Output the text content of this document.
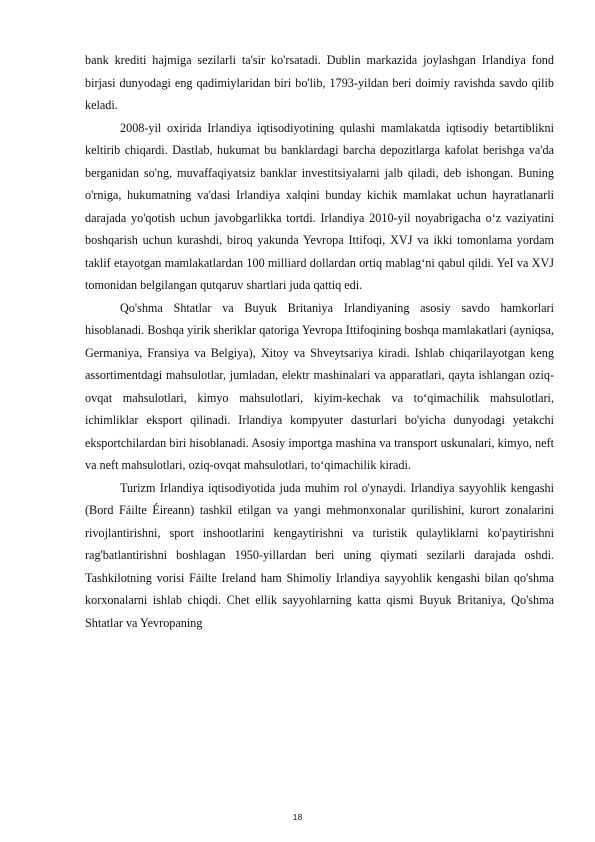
bank krediti hajmiga sezilarli ta'sir ko'rsatadi. Dublin markazida joylashgan Irlandiya fond birjasi dunyodagi eng qadimiylaridan biri bo'lib, 1793-yildan beri doimiy ravishda savdo qilib keladi.

2008-yil oxirida Irlandiya iqtisodiyotining qulashi mamlakatda iqtisodiy betartiblikni keltirib chiqardi. Dastlab, hukumat bu banklardagi barcha depozitlarga kafolat berishga va'da berganidan so'ng, muvaffaqiyatsiz banklar investitsiyalarni jalb qiladi, deb ishongan. Buning o'rniga, hukumatning va'dasi Irlandiya xalqini bunday kichik mamlakat uchun hayratlanarli darajada yo'qotish uchun javobgarlikka tortdi. Irlandiya 2010-yil noyabrigacha o‘z vaziyatini boshqarish uchun kurashdi, biroq yakunda Yevropa Ittifoqi, XVJ va ikki tomonlama yordam taklif etayotgan mamlakatlardan 100 milliard dollardan ortiq mablag‘ni qabul qildi. YeI va XVJ tomonidan belgilangan qutqaruv shartlari juda qattiq edi.

Qo'shma Shtatlar va Buyuk Britaniya Irlandiyaning asosiy savdo hamkorlari hisoblanadi. Boshqa yirik sheriklar qatoriga Yevropa Ittifoqining boshqa mamlakatlari (ayniqsa, Germaniya, Fransiya va Belgiya), Xitoy va Shveytsariya kiradi. Ishlab chiqarilayotgan keng assortimentdagi mahsulotlar, jumladan, elektr mashinalari va apparatlari, qayta ishlangan oziq-ovqat mahsulotlari, kimyo mahsulotlari, kiyim-kechak va to‘qimachilik mahsulotlari, ichimliklar eksport qilinadi. Irlandiya kompyuter dasturlari bo'yicha dunyodagi yetakchi eksportchilardan biri hisoblanadi. Asosiy importga mashina va transport uskunalari, kimyo, neft va neft mahsulotlari, oziq-ovqat mahsulotlari, to‘qimachilik kiradi.

Turizm Irlandiya iqtisodiyotida juda muhim rol o'ynaydi. Irlandiya sayyohlik kengashi (Bord Fáilte Éireann) tashkil etilgan va yangi mehmonxonalar qurilishini, kurort zonalarini rivojlantirishni, sport inshootlarini kengaytirishni va turistik qulayliklarni ko'paytirishni rag'batlantirishni boshlagan 1950-yillardan beri uning qiymati sezilarli darajada oshdi. Tashkilotning vorisi Fáilte Ireland ham Shimoliy Irlandiya sayyohlik kengashi bilan qo'shma korxonalarni ishlab chiqdi. Chet ellik sayyohlarning katta qismi Buyuk Britaniya, Qo'shma Shtatlar va Yevropaning

18
